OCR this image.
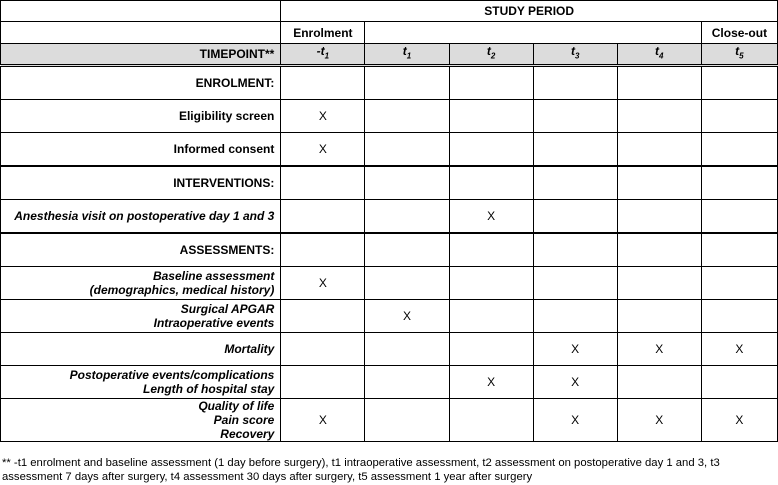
	STUDY PERIOD					
	Enrolment					Close-out
TIMEPOINT**	$-t_1$	$t_1$	$t_2$	$t_3$	$t_4$	$t_5$

ENROLMENT:						

Eligibility screen	X					

Informed consent	X					

INTERVENTIONS:						

Anesthesia visit on postoperative day 1 and 3			X			

ASSESSMENTS:						

Baseline assessment
(demographics, medical history)	X					

Surgical APGAR
Intraoperative events		X				

Mortality				X	X	X

Postoperative events/complications
Length of hospital stay			X	X		

Quality of life
Pain score
Recovery	X			X	X	X
** -t1 enrolment and baseline assessment (1 day before surgery), t1 intraoperative assessment, t2 assessment on postoperative day 1 and 3, t3 assessment 7 days after surgery, t4 assessment 30 days after surgery, t5 assessment 1 year after surgery
